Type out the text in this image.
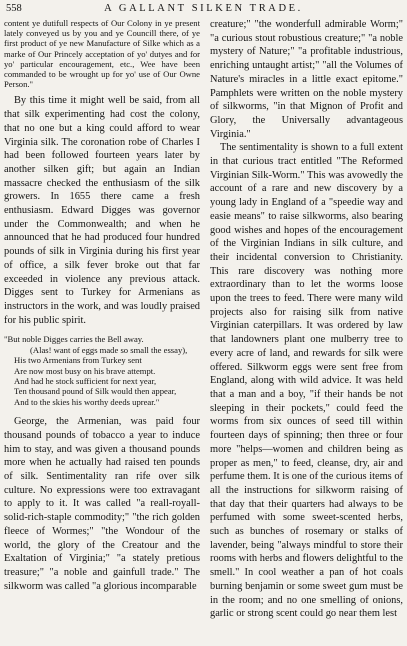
558	A GALLANT SILKEN TRADE.

content ye dutifull respects of Our Colony in ye present lately conveyed us by you and ye Councill there, of ye first product of ye new Manufacture of Silke which as a marke of Our Princely acceptation of yo' dutyes and for yo' particular encouragement, etc., Wee have been commanded to be wrought up for yo' use of Our Owne Person."

By this time it might well be said, from all that silk experimenting had cost the colony, that no one but a king could afford to wear Virginia silk. The coronation robe of Charles I had been followed fourteen years later by another silken gift; but again an Indian massacre checked the enthusiasm of the silk growers. In 1655 there came a fresh enthusiasm. Edward Digges was governor under the Commonwealth; and when he announced that he had produced four hundred pounds of silk in Virginia during his first year of office, a silk fever broke out that far exceeded in violence any previous attack. Digges sent to Turkey for Armenians as instructors in the work, and was loudly praised for his public spirit.

"But noble Digges carries the Bell away.
(Alas! want of eggs made so small the essay),
His two Armenians from Turkey sent
Are now most busy on his brave attempt.
And had he stock sufficient for next year,
Ten thousand pound of Silk would then appear,
And to the skies his worthy deeds uprear."

George, the Armenian, was paid four thousand pounds of tobacco a year to induce him to stay, and was given a thousand pounds more when he actually had raised ten pounds of silk. Sentimentality ran rife over silk culture. No expressions were too extravagant to apply to it. It was called "a reall-royall-solid-rich-staple commodity;" "the rich golden fleece of Wormes;" "the Wondour of the world, the glory of the Creatour and the Exaltation of Virginia;" "a stately pretious treasure;" "a noble and gainfull trade." The silkworm was called "a glorious incomparable

creature;" "the wonderfull admirable Worm;" "a curious stout robustious creature;" "a noble mystery of Nature;" "a profitable industrious, enriching untaught artist;" "all the Volumes of Nature's miracles in a little exact epitome." Pamphlets were written on the noble mystery of silkworms, "in that Mignon of Profit and Glory, the Universally advantageous Virginia."

The sentimentality is shown to a full extent in that curious tract entitled "The Reformed Virginian Silk-Worm." This was avowedly the account of a rare and new discovery by a young lady in England of a "speedie way and easie means" to raise silkworms, also bearing good wishes and hopes of the encouragement of the Virginian Indians in silk culture, and their incidental conversion to Christianity. This rare discovery was nothing more extraordinary than to let the worms loose upon the trees to feed. There were many wild projects also for raising silk from native Virginian caterpillars. It was ordered by law that landowners plant one mulberry tree to every acre of land, and rewards for silk were offered. Silkworm eggs were sent free from England, along with wild advice. It was held that a man and a boy, "if their hands be not sleeping in their pockets," could feed the worms from six ounces of seed till within fourteen days of spinning; then three or four more "helps—women and children being as proper as men," to feed, cleanse, dry, air and perfume them. It is one of the curious items of all the instructions for silkworm raising of that day that their quarters had always to be perfumed with some sweet-scented herbs, such as bunches of rosemary or stalks of lavender, being "always mindful to store their rooms with herbs and flowers delightful to the smell." In cool weather a pan of hot coals burning benjamin or some sweet gum must be in the room; and no one smelling of onions, garlic or strong scent could go near them lest
